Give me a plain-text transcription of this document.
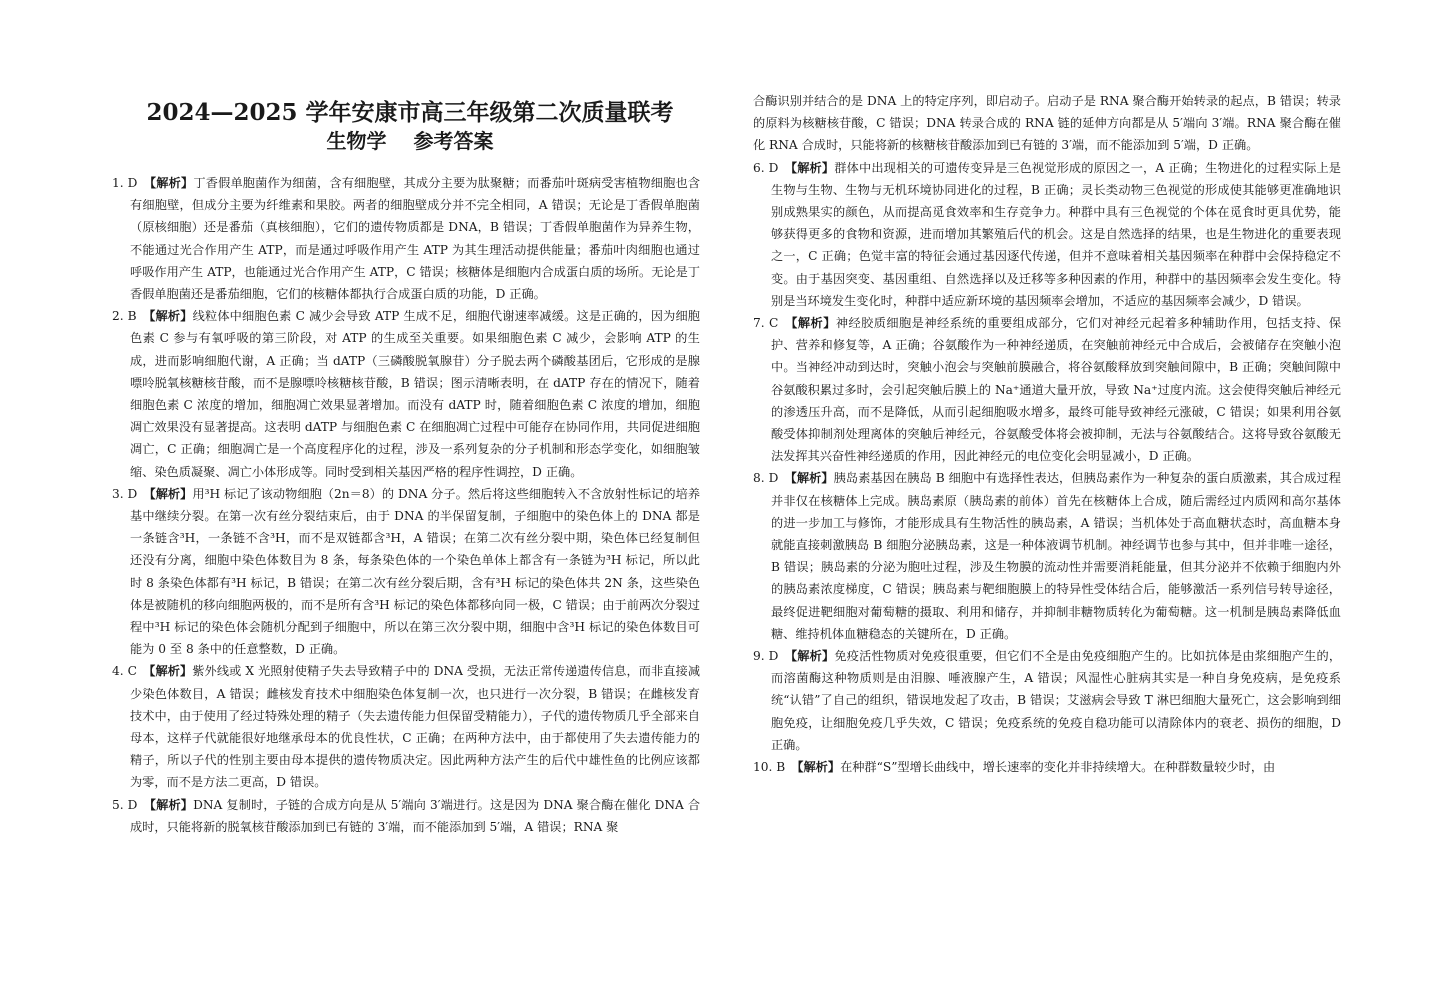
2024—2025 学年安康市高三年级第二次质量联考
生物学　 参考答案

1. D　 【解析】丁香假单胞菌作为细菌，含有细胞壁，其成分主要为肽聚糖；而番茄叶斑病受害植物细胞也含有细胞壁，但成分主要为纤维素和果胶。两者的细胞壁成分并不完全相同，A 错误；无论是丁香假单胞菌（原核细胞）还是番茄（真核细胞），它们的遗传物质都是 DNA，B 错误；丁香假单胞菌作为异养生物，不能通过光合作用产生 ATP，而是通过呼吸作用产生 ATP 为其生理活动提供能量；番茄叶肉细胞也通过呼吸作用产生 ATP，也能通过光合作用产生 ATP，C 错误；核糖体是细胞内合成蛋白质的场所。无论是丁香假单胞菌还是番茄细胞，它们的核糖体都执行合成蛋白质的功能，D 正确。

2. B　 【解析】线粒体中细胞色素 C 减少会导致 ATP 生成不足，细胞代谢速率减缓。这是正确的，因为细胞色素 C 参与有氧呼吸的第三阶段，对 ATP 的生成至关重要。如果细胞色素 C 减少，会影响 ATP 的生成，进而影响细胞代谢，A 正确；当 dATP（三磷酸脱氧腺苷）分子脱去两个磷酸基团后，它形成的是腺嘌呤脱氧核糖核苷酸，而不是腺嘌呤核糖核苷酸，B 错误；图示清晰表明，在 dATP 存在的情况下，随着细胞色素 C 浓度的增加，细胞凋亡效果显著增加。而没有 dATP 时，随着细胞色素 C 浓度的增加，细胞凋亡效果没有显著提高。这表明 dATP 与细胞色素 C 在细胞凋亡过程中可能存在协同作用，共同促进细胞凋亡，C 正确；细胞凋亡是一个高度程序化的过程，涉及一系列复杂的分子机制和形态学变化，如细胞皱缩、染色质凝聚、凋亡小体形成等。同时受到相关基因严格的程序性调控，D 正确。

3. D　 【解析】用³H 标记了该动物细胞（2n＝8）的 DNA 分子。然后将这些细胞转入不含放射性标记的培养基中继续分裂。在第一次有丝分裂结束后，由于 DNA 的半保留复制，子细胞中的染色体上的 DNA 都是一条链含³H，一条链不含³H，而不是双链都含³H，A 错误；在第二次有丝分裂中期，染色体已经复制但还没有分离，细胞中染色体数目为 8 条，每条染色体的一个染色单体上都含有一条链为³H 标记，所以此时 8 条染色体都有³H 标记，B 错误；在第二次有丝分裂后期，含有³H 标记的染色体共 2N 条，这些染色体是被随机的移向细胞两极的，而不是所有含³H 标记的染色体都移向同一极，C 错误；由于前两次分裂过程中³H 标记的染色体会随机分配到子细胞中，所以在第三次分裂中期，细胞中含³H 标记的染色体数目可能为 0 至 8 条中的任意整数，D 正确。

4. C　 【解析】紫外线或 X 光照射使精子失去导致精子中的 DNA 受损，无法正常传递遗传信息，而非直接减少染色体数目，A 错误；雌核发育技术中细胞染色体复制一次，也只进行一次分裂，B 错误；在雌核发育技术中，由于使用了经过特殊处理的精子（失去遗传能力但保留受精能力），子代的遗传物质几乎全部来自母本，这样子代就能很好地继承母本的优良性状，C 正确；在两种方法中，由于都使用了失去遗传能力的精子，所以子代的性别主要由母本提供的遗传物质决定。因此两种方法产生的后代中雄性鱼的比例应该都为零，而不是方法二更高，D 错误。

5. D　 【解析】DNA 复制时，子链的合成方向是从 5′端向 3′端进行。这是因为 DNA 聚合酶在催化 DNA 合成时，只能将新的脱氧核苷酸添加到已有链的 3′端，而不能添加到 5′端，A 错误；RNA 聚

合酶识别并结合的是 DNA 上的特定序列，即启动子。启动子是 RNA 聚合酶开始转录的起点，B 错误；转录的原料为核糖核苷酸，C 错误；DNA 转录合成的 RNA 链的延伸方向都是从 5′端向 3′端。RNA 聚合酶在催化 RNA 合成时，只能将新的核糖核苷酸添加到已有链的 3′端，而不能添加到 5′端，D 正确。

6. D　 【解析】群体中出现相关的可遗传变异是三色视觉形成的原因之一，A 正确；生物进化的过程实际上是生物与生物、生物与无机环境协同进化的过程，B 正确；灵长类动物三色视觉的形成使其能够更准确地识别成熟果实的颜色，从而提高觅食效率和生存竞争力。种群中具有三色视觉的个体在觅食时更具优势，能够获得更多的食物和资源，进而增加其繁殖后代的机会。这是自然选择的结果，也是生物进化的重要表现之一，C 正确；色觉丰富的特征会通过基因逐代传递，但并不意味着相关基因频率在种群中会保持稳定不变。由于基因突变、基因重组、自然选择以及迁移等多种因素的作用，种群中的基因频率会发生变化。特别是当环境发生变化时，种群中适应新环境的基因频率会增加，不适应的基因频率会减少，D 错误。

7. C　 【解析】神经胶质细胞是神经系统的重要组成部分，它们对神经元起着多种辅助作用，包括支持、保护、营养和修复等，A 正确；谷氨酸作为一种神经递质，在突触前神经元中合成后，会被储存在突触小泡中。当神经冲动到达时，突触小泡会与突触前膜融合，将谷氨酸释放到突触间隙中，B 正确；突触间隙中谷氨酸积累过多时，会引起突触后膜上的 Na⁺通道大量开放，导致 Na⁺过度内流。这会使得突触后神经元的渗透压升高，而不是降低，从而引起细胞吸水增多，最终可能导致神经元涨破，C 错误；如果利用谷氨酸受体抑制剂处理离体的突触后神经元，谷氨酸受体将会被抑制，无法与谷氨酸结合。这将导致谷氨酸无法发挥其兴奋性神经递质的作用，因此神经元的电位变化会明显减小，D 正确。

8. D　 【解析】胰岛素基因在胰岛 B 细胞中有选择性表达，但胰岛素作为一种复杂的蛋白质激素，其合成过程并非仅在核糖体上完成。胰岛素原（胰岛素的前体）首先在核糖体上合成，随后需经过内质网和高尔基体的进一步加工与修饰，才能形成具有生物活性的胰岛素，A 错误；当机体处于高血糖状态时，高血糖本身就能直接刺激胰岛 B 细胞分泌胰岛素，这是一种体液调节机制。神经调节也参与其中，但并非唯一途径，B 错误；胰岛素的分泌为胞吐过程，涉及生物膜的流动性并需要消耗能量，但其分泌并不依赖于细胞内外的胰岛素浓度梯度，C 错误；胰岛素与靶细胞膜上的特异性受体结合后，能够激活一系列信号转导途径，最终促进靶细胞对葡萄糖的摄取、利用和储存，并抑制非糖物质转化为葡萄糖。这一机制是胰岛素降低血糖、维持机体血糖稳态的关键所在，D 正确。

9. D　 【解析】免疫活性物质对免疫很重要，但它们不全是由免疫细胞产生的。比如抗体是由浆细胞产生的，而溶菌酶这种物质则是由泪腺、唾液腺产生，A 错误；风湿性心脏病其实是一种自身免疫病，是免疫系统“认错”了自己的组织，错误地发起了攻击，B 错误；艾滋病会导致 T 淋巴细胞大量死亡，这会影响到细胞免疫，让细胞免疫几乎失效，C 错误；免疫系统的免疫自稳功能可以清除体内的衰老、损伤的细胞，D 正确。

10. B　 【解析】在种群“S”型增长曲线中，增长速率的变化并非持续增大。在种群数量较少时，由
